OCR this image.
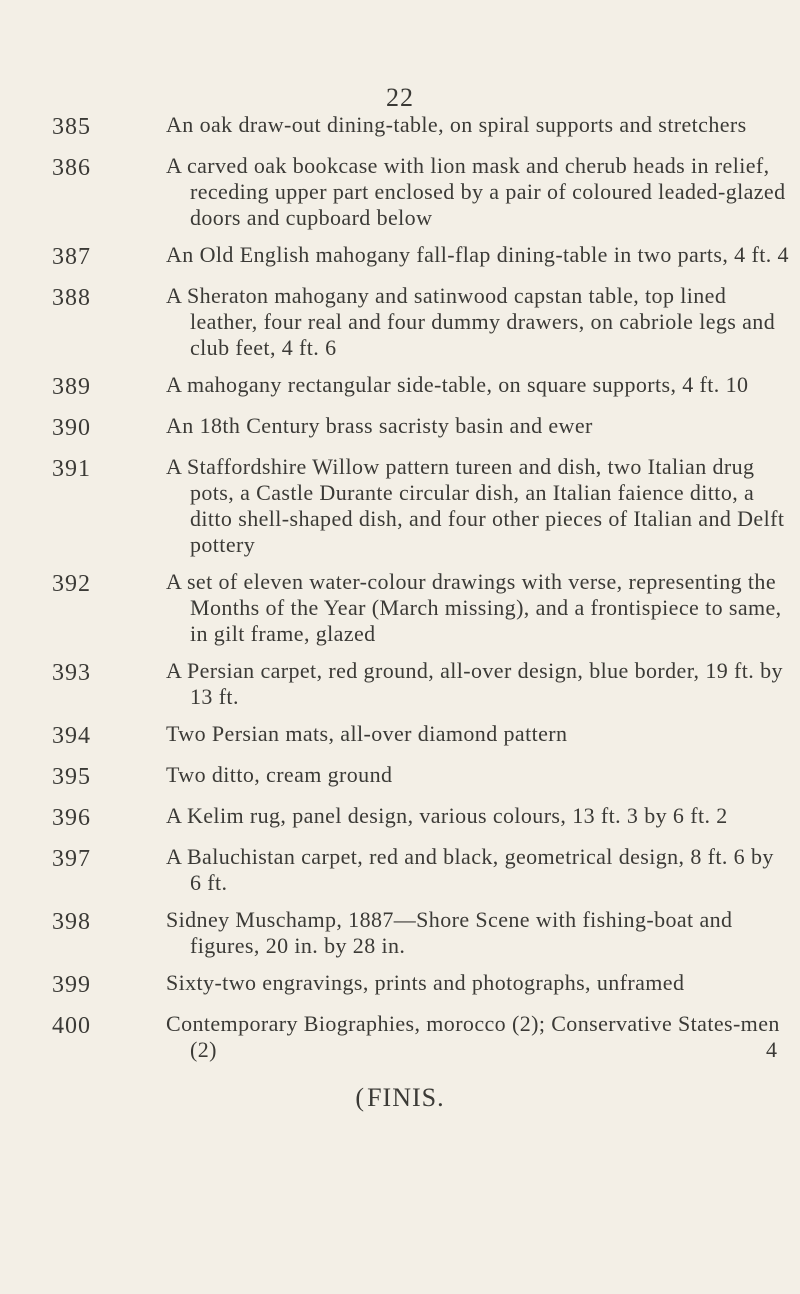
22
385	An oak draw-out dining-table, on spiral supports and stretchers
386	A carved oak bookcase with lion mask and cherub heads in relief, receding upper part enclosed by a pair of coloured leaded-glazed doors and cupboard below
387	An Old English mahogany fall-flap dining-table in two parts, 4 ft. 4
388	A Sheraton mahogany and satinwood capstan table, top lined leather, four real and four dummy drawers, on cabriole legs and club feet, 4 ft. 6
389	A mahogany rectangular side-table, on square supports, 4 ft. 10
390	An 18th Century brass sacristy basin and ewer
391	A Staffordshire Willow pattern tureen and dish, two Italian drug pots, a Castle Durante circular dish, an Italian faience ditto, a ditto shell-shaped dish, and four other pieces of Italian and Delft pottery
392	A set of eleven water-colour drawings with verse, representing the Months of the Year (March missing), and a frontispiece to same, in gilt frame, glazed
393	A Persian carpet, red ground, all-over design, blue border, 19 ft. by 13 ft.
394	Two Persian mats, all-over diamond pattern
395	Two ditto, cream ground
396	A Kelim rug, panel design, various colours, 13 ft. 3 by 6 ft. 2
397	A Baluchistan carpet, red and black, geometrical design, 8 ft. 6 by 6 ft.
398	Sidney Muschamp, 1887—Shore Scene with fishing-boat and figures, 20 in. by 28 in.
399	Sixty-two engravings, prints and photographs, unframed
400	Contemporary Biographies, morocco (2); Conservative States-men (2)	4
(FINIS.
